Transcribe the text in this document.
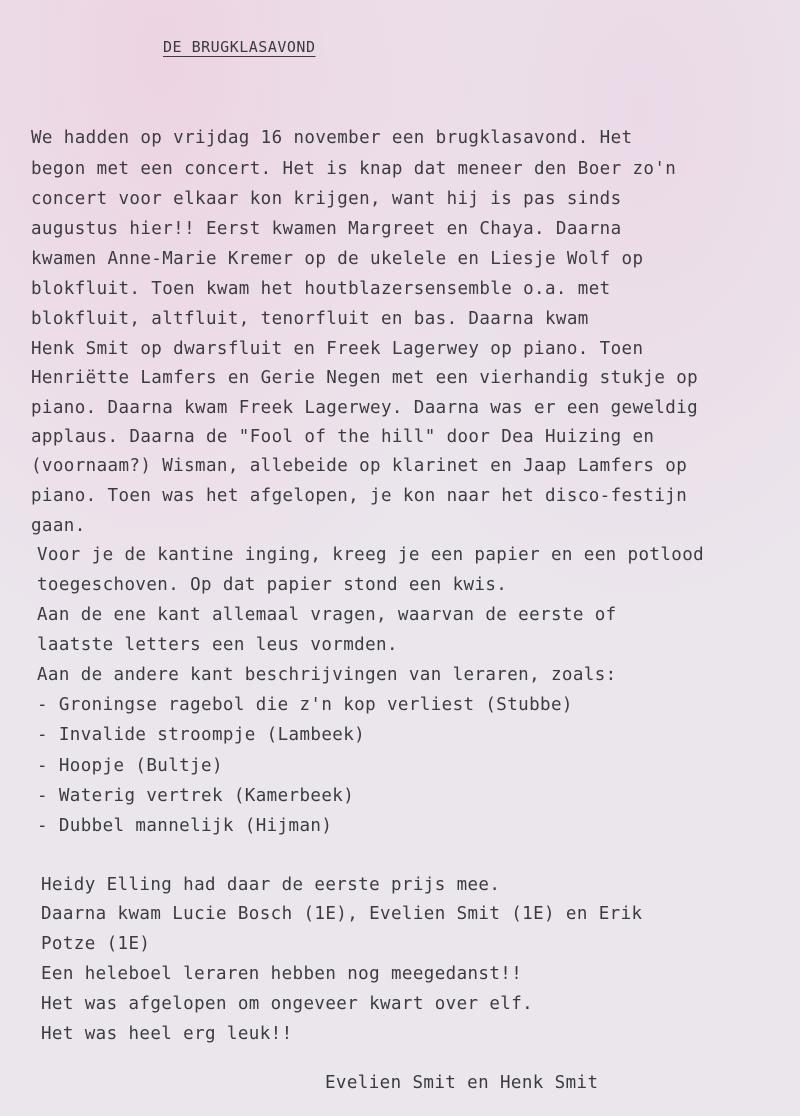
DE BRUGKLASAVOND

We hadden op vrijdag 16 november een brugklasavond. Het

begon met een concert. Het is knap dat meneer den Boer zo'n

concert voor elkaar kon krijgen, want hij is pas sinds

augustus hier!! Eerst kwamen Margreet en Chaya. Daarna

kwamen Anne-Marie Kremer op de ukelele en Liesje Wolf op

blokfluit. Toen kwam het houtblazersensemble o.a. met

blokfluit, altfluit, tenorfluit en bas. Daarna kwam

Henk Smit op dwarsfluit en Freek Lagerwey op piano. Toen

Henriëtte Lamfers en Gerie Negen met een vierhandig stukje op

piano. Daarna kwam Freek Lagerwey. Daarna was er een geweldig

applaus. Daarna de "Fool of the hill" door Dea Huizing en

(voornaam?) Wisman, allebeide op klarinet en Jaap Lamfers op

piano. Toen was het afgelopen, je kon naar het disco-festijn

gaan.

Voor je de kantine inging, kreeg je een papier en een potlood

toegeschoven. Op dat papier stond een kwis.

Aan de ene kant allemaal vragen, waarvan de eerste of

laatste letters een leus vormden.

Aan de andere kant beschrijvingen van leraren, zoals:

- Groningse ragebol die z'n kop verliest (Stubbe)

- Invalide stroompje (Lambeek)

- Hoopje (Bultje)

- Waterig vertrek (Kamerbeek)

- Dubbel mannelijk (Hijman)

Heidy Elling had daar de eerste prijs mee.

Daarna kwam Lucie Bosch (1E), Evelien Smit (1E) en Erik

Potze (1E)

Een heleboel leraren hebben nog meegedanst!!

Het was afgelopen om ongeveer kwart over elf.

Het was heel erg leuk!!

Evelien Smit en Henk Smit
